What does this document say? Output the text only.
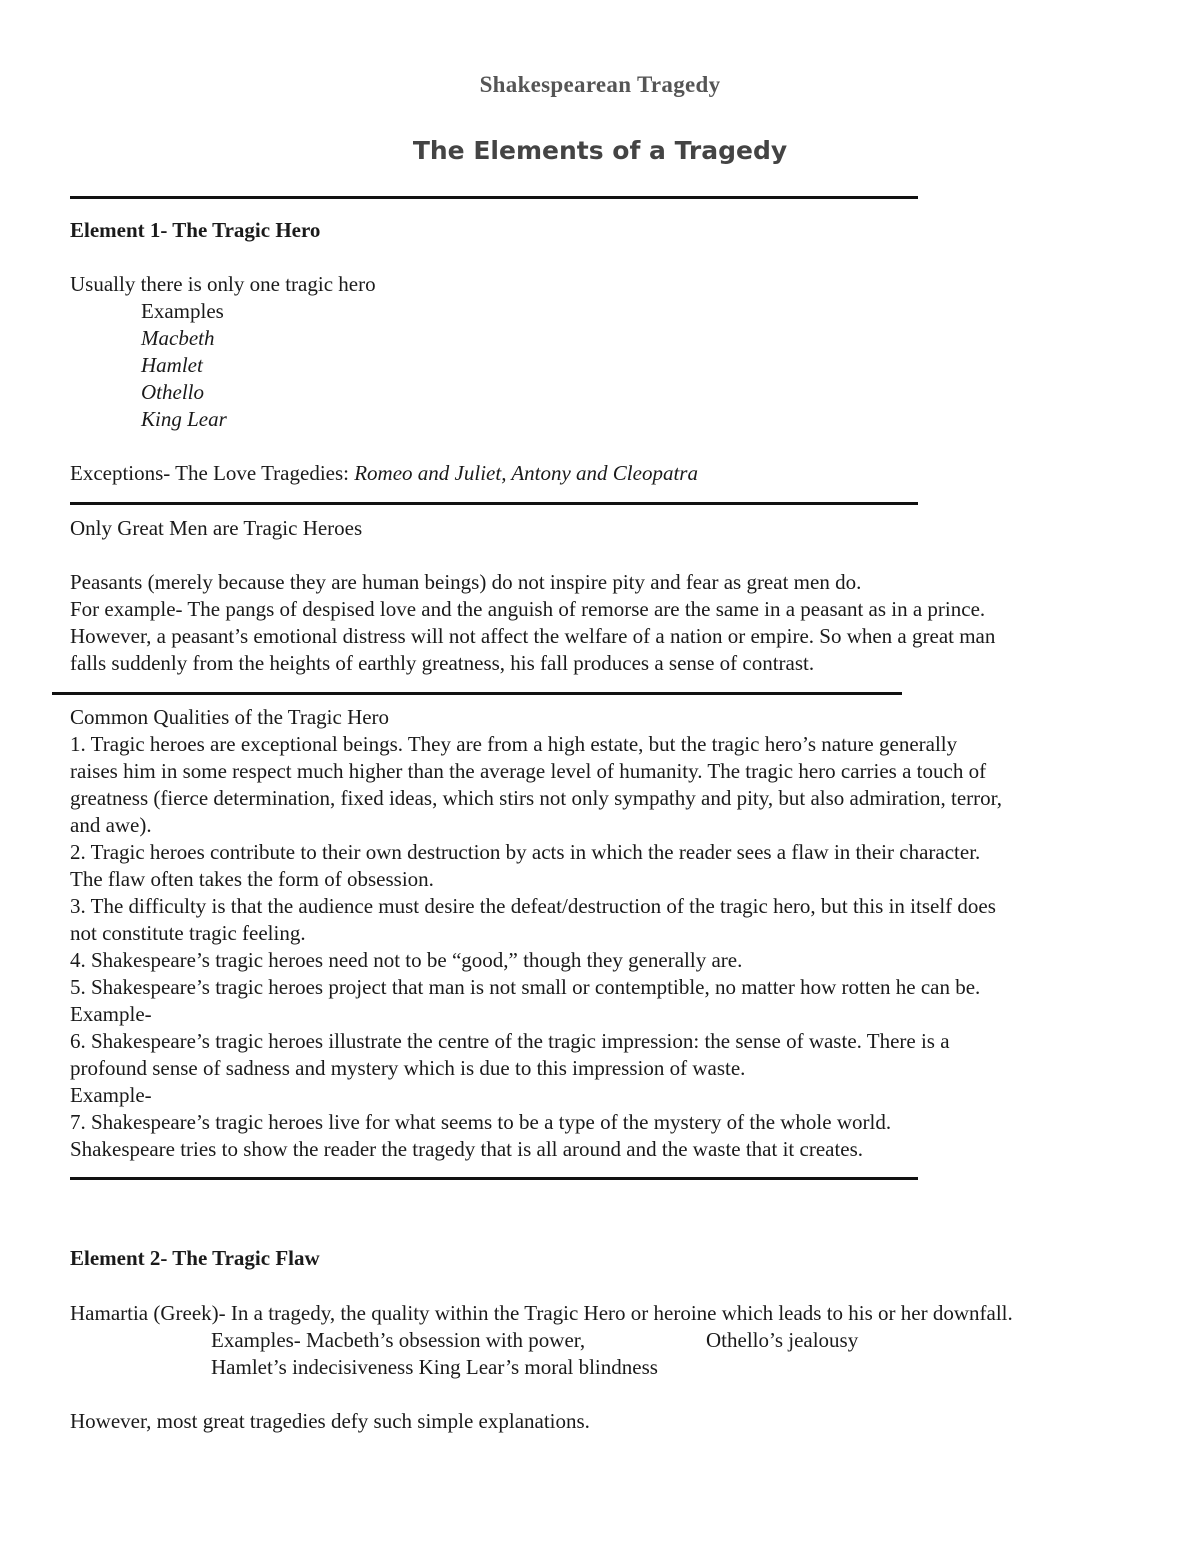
Shakespearean Tragedy
The Elements of a Tragedy
Element 1- The Tragic Hero
Usually there is only one tragic hero
Examples
Macbeth
Hamlet
Othello
King Lear
Exceptions- The Love Tragedies: Romeo and Juliet, Antony and Cleopatra
Only Great Men are Tragic Heroes
Peasants (merely because they are human beings) do not inspire pity and fear as great men do.
For example- The pangs of despised love and the anguish of remorse are the same in a peasant as in a prince.
However, a peasant’s emotional distress will not affect the welfare of a nation or empire. So when a great man
falls suddenly from the heights of earthly greatness, his fall produces a sense of contrast.
Common Qualities of the Tragic Hero
1. Tragic heroes are exceptional beings. They are from a high estate, but the tragic hero’s nature generally
raises him in some respect much higher than the average level of humanity. The tragic hero carries a touch of
greatness (fierce determination, fixed ideas, which stirs not only sympathy and pity, but also admiration, terror,
and awe).
2. Tragic heroes contribute to their own destruction by acts in which the reader sees a flaw in their character.
The flaw often takes the form of obsession.
3. The difficulty is that the audience must desire the defeat/destruction of the tragic hero, but this in itself does
not constitute tragic feeling.
4. Shakespeare’s tragic heroes need not to be “good,” though they generally are.
5. Shakespeare’s tragic heroes project that man is not small or contemptible, no matter how rotten he can be.
Example-
6. Shakespeare’s tragic heroes illustrate the centre of the tragic impression: the sense of waste. There is a
profound sense of sadness and mystery which is due to this impression of waste.
Example-
7. Shakespeare’s tragic heroes live for what seems to be a type of the mystery of the whole world.
Shakespeare tries to show the reader the tragedy that is all around and the waste that it creates.
Element 2- The Tragic Flaw
Hamartia (Greek)- In a tragedy, the quality within the Tragic Hero or heroine which leads to his or her downfall.
Examples- Macbeth’s obsession with power,	Othello’s jealousy
Hamlet’s indecisiveness King Lear’s moral blindness
However, most great tragedies defy such simple explanations.
